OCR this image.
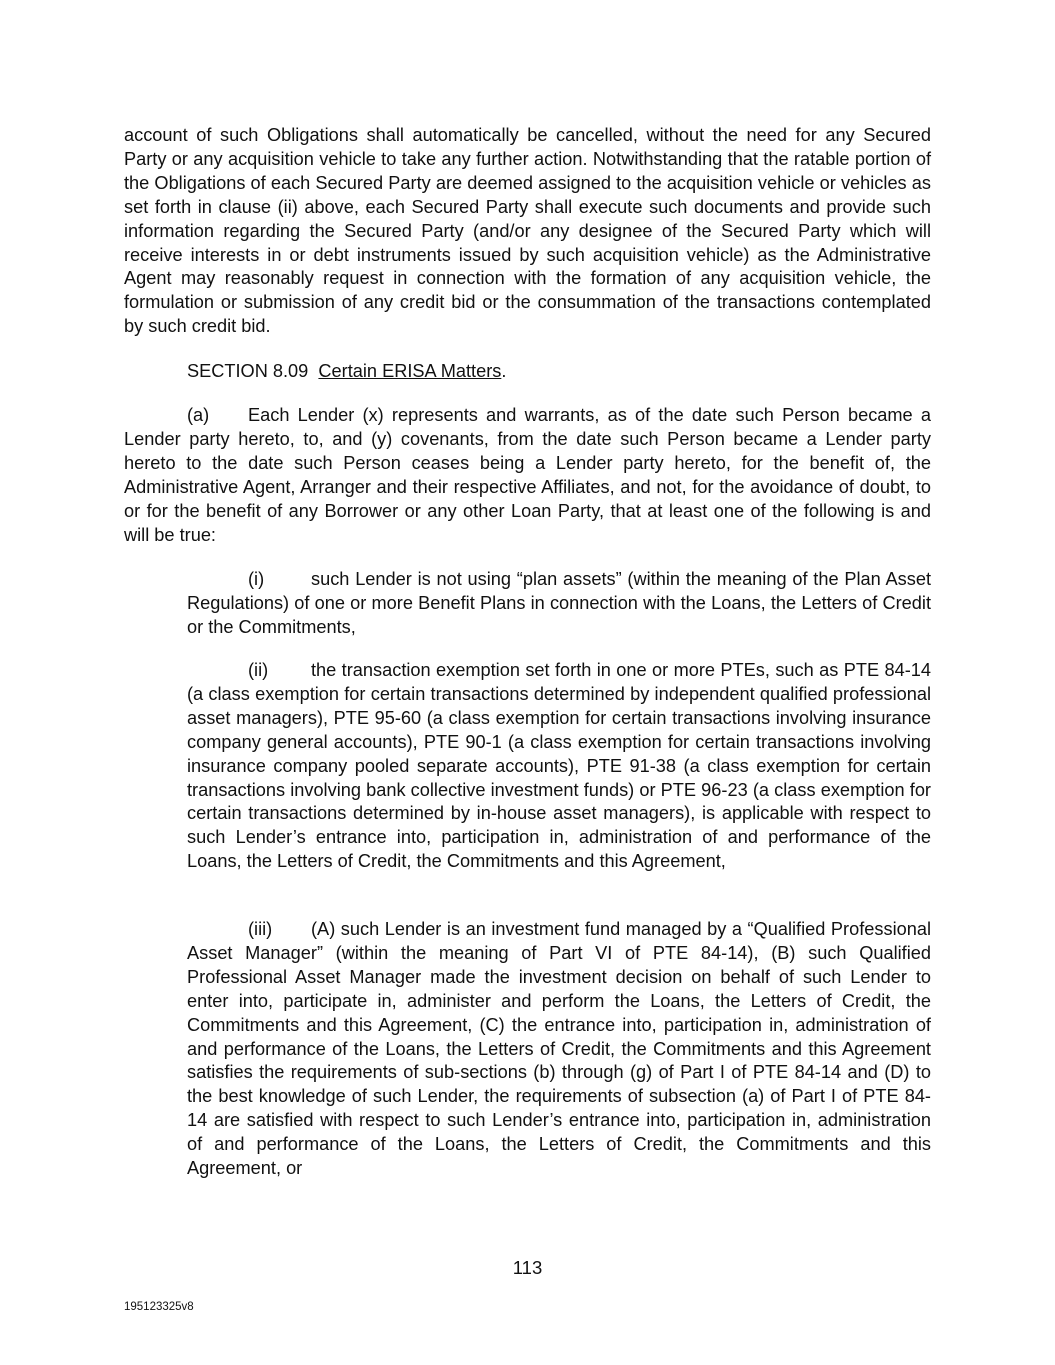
account of such Obligations shall automatically be cancelled, without the need for any Secured Party or any acquisition vehicle to take any further action. Notwithstanding that the ratable portion of the Obligations of each Secured Party are deemed assigned to the acquisition vehicle or vehicles as set forth in clause (ii) above, each Secured Party shall execute such documents and provide such information regarding the Secured Party (and/or any designee of the Secured Party which will receive interests in or debt instruments issued by such acquisition vehicle) as the Administrative Agent may reasonably request in connection with the formation of any acquisition vehicle, the formulation or submission of any credit bid or the consummation of the transactions contemplated by such credit bid.

SECTION 8.09 Certain ERISA Matters.

(a) Each Lender (x) represents and warrants, as of the date such Person became a Lender party hereto, to, and (y) covenants, from the date such Person became a Lender party hereto to the date such Person ceases being a Lender party hereto, for the benefit of, the Administrative Agent, Arranger and their respective Affiliates, and not, for the avoidance of doubt, to or for the benefit of any Borrower or any other Loan Party, that at least one of the following is and will be true:

(i)	such Lender is not using “plan assets” (within the meaning of the Plan Asset Regulations) of one or more Benefit Plans in connection with the Loans, the Letters of Credit or the Commitments,

(ii) the transaction exemption set forth in one or more PTEs, such as PTE 84-14 (a class exemption for certain transactions determined by independent qualified professional asset managers), PTE 95-60 (a class exemption for certain transactions involving insurance company general accounts), PTE 90-1 (a class exemption for certain transactions involving insurance company pooled separate accounts), PTE 91-38 (a class exemption for certain transactions involving bank collective investment funds) or PTE 96-23 (a class exemption for certain transactions determined by in-house asset managers), is applicable with respect to such Lender’s entrance into, participation in, administration of and performance of the Loans, the Letters of Credit, the Commitments and this Agreement,

(iii) (A) such Lender is an investment fund managed by a “Qualified Professional Asset Manager” (within the meaning of Part VI of PTE 84-14), (B) such Qualified Professional Asset Manager made the investment decision on behalf of such Lender to enter into, participate in, administer and perform the Loans, the Letters of Credit, the Commitments and this Agreement, (C) the entrance into, participation in, administration of and performance of the Loans, the Letters of Credit, the Commitments and this Agreement satisfies the requirements of sub-sections (b) through (g) of Part I of PTE 84-14 and (D) to the best knowledge of such Lender, the requirements of subsection (a) of Part I of PTE 84-14 are satisfied with respect to such Lender’s entrance into, participation in, administration of and performance of the Loans, the Letters of Credit, the Commitments and this Agreement, or

113
195123325v8
